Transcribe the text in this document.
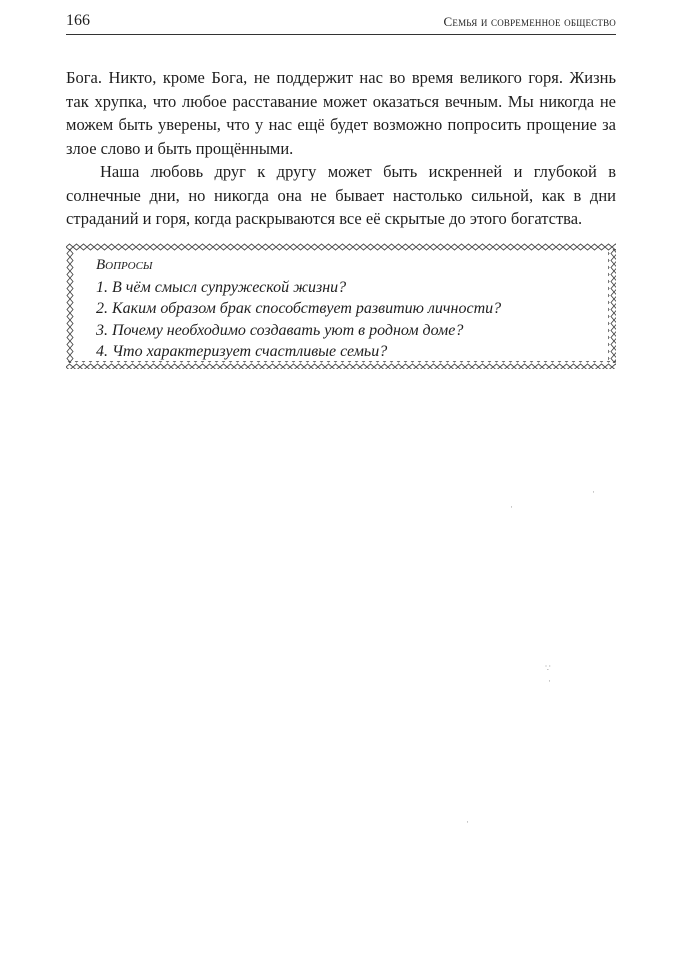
166	Семья и современное общество

Бога. Никто, кроме Бога, не поддержит нас во время великого горя. Жизнь так хрупка, что любое расставание может оказаться вечным. Мы никогда не можем быть уверены, что у нас ещё будет возможно попросить прощение за злое слово и быть прощёнными.

Наша любовь друг к другу может быть искренней и глубокой в солнечные дни, но никогда она не бывает настолько сильной, как в дни страданий и горя, когда раскрываются все её скрытые до этого богатства.

Вопросы
1. В чём смысл супружеской жизни?
2. Каким образом брак способствует развитию личности?
3. Почему необходимо создавать уют в родном доме?
4. Что характеризует счастливые семьи?
·
·
∵
·
·
